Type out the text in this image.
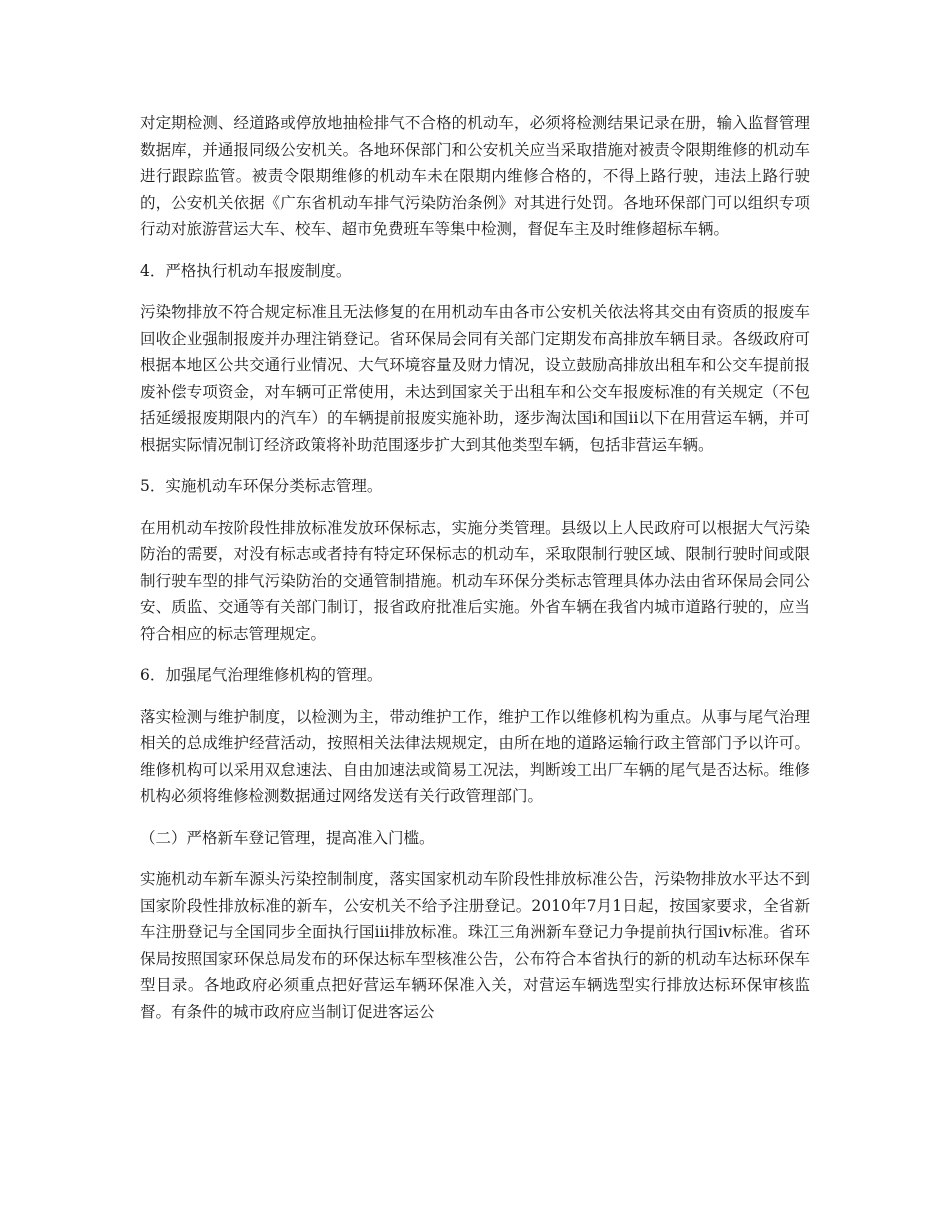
对定期检测、经道路或停放地抽检排气不合格的机动车，必须将检测结果记录在册，输入监督管理数据库，并通报同级公安机关。各地环保部门和公安机关应当采取措施对被责令限期维修的机动车进行跟踪监管。被责令限期维修的机动车未在限期内维修合格的，不得上路行驶，违法上路行驶的，公安机关依据《广东省机动车排气污染防治条例》对其进行处罚。各地环保部门可以组织专项行动对旅游营运大车、校车、超市免费班车等集中检测，督促车主及时维修超标车辆。

4．严格执行机动车报废制度。

污染物排放不符合规定标准且无法修复的在用机动车由各市公安机关依法将其交由有资质的报废车回收企业强制报废并办理注销登记。省环保局会同有关部门定期发布高排放车辆目录。各级政府可根据本地区公共交通行业情况、大气环境容量及财力情况，设立鼓励高排放出租车和公交车提前报废补偿专项资金，对车辆可正常使用，未达到国家关于出租车和公交车报废标准的有关规定（不包括延缓报废期限内的汽车）的车辆提前报废实施补助，逐步淘汰国ⅰ和国ⅱ以下在用营运车辆，并可根据实际情况制订经济政策将补助范围逐步扩大到其他类型车辆，包括非营运车辆。

5．实施机动车环保分类标志管理。

在用机动车按阶段性排放标准发放环保标志，实施分类管理。县级以上人民政府可以根据大气污染防治的需要，对没有标志或者持有特定环保标志的机动车，采取限制行驶区域、限制行驶时间或限制行驶车型的排气污染防治的交通管制措施。机动车环保分类标志管理具体办法由省环保局会同公安、质监、交通等有关部门制订，报省政府批准后实施。外省车辆在我省内城市道路行驶的，应当符合相应的标志管理规定。

6．加强尾气治理维修机构的管理。

落实检测与维护制度，以检测为主，带动维护工作，维护工作以维修机构为重点。从事与尾气治理相关的总成维护经营活动，按照相关法律法规规定，由所在地的道路运输行政主管部门予以许可。维修机构可以采用双怠速法、自由加速法或简易工况法，判断竣工出厂车辆的尾气是否达标。维修机构必须将维修检测数据通过网络发送有关行政管理部门。

（二）严格新车登记管理，提高准入门槛。

实施机动车新车源头污染控制制度，落实国家机动车阶段性排放标准公告，污染物排放水平达不到国家阶段性排放标准的新车，公安机关不给予注册登记。2010年7月1日起，按国家要求，全省新车注册登记与全国同步全面执行国ⅲ排放标准。珠江三角洲新车登记力争提前执行国ⅳ标准。省环保局按照国家环保总局发布的环保达标车型核准公告，公布符合本省执行的新的机动车达标环保车型目录。各地政府必须重点把好营运车辆环保准入关，对营运车辆选型实行排放达标环保审核监督。有条件的城市政府应当制订促进客运公
